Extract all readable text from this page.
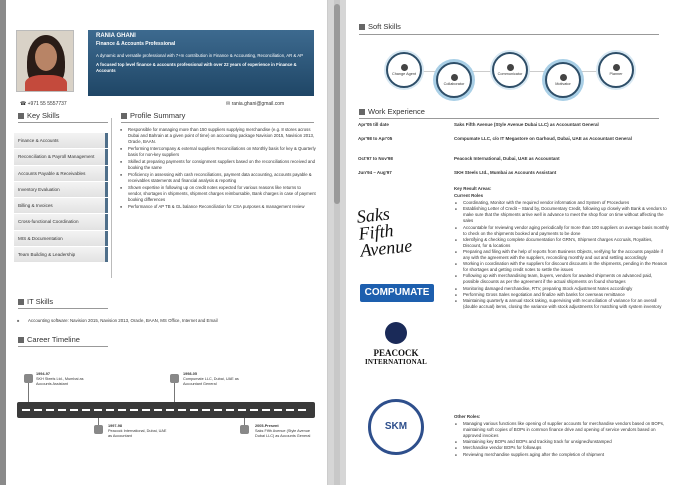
RANIA GHANI
Finance & Accounts Professional
A dynamic and versatile professional with 7+m contribution in Finance & Accounting, Reconciliation, AR & AP
A focused top level finance & accounts professional with over 22 years of experience in Finance & Accounts
☎ +971 55 5557737	✉ rania.ghani@gmail.com
Key Skills
Finance & Accounts
Reconciliation & Payroll Management
Accounts Payable & Receivables
Inventory Evaluation
Billing & Invoices
Cross-functional Coordination
MIS & Documentation
Team Building & Leadership
Profile Summary
■ Responsible for managing more than 150 suppliers supplying merchandise (e.g. 8 stores across Dubai and Bahrain at a given point of time) on accounting package Navision 2015, Navision 2013, Oracle, BAAN.
■ Performing Intercompany & external suppliers Reconciliations on Monthly basis for key & Quarterly basis for non-key suppliers
■ Skilled at preparing payments for consignment suppliers based on the reconciliations received and booking the same
■ Proficiency in assessing with cash reconciliations, payment data accounting, accounts payable & receivables statements and financial analysis & reporting
■ Shown expertise in following up on credit notes expected for various reasons like returns to vendor, shortages in shipments, shipment charges reimbursable, Bank charges in case of payment booking differences
■ Performance of AP TB & GL balance Reconciliation for CSA purposes & management review
IT Skills
■ Accounting software: Navision 2015, Navision 2013, Oracle, BAAN, MS Office, Internet and Email
Career Timeline
1994-97
SKH Steels Ltd., Mumbai as Accounts Assistant
1997-98
Peacock International, Dubai, UAE as Accountant
1998-05
Compumate LLC, Dubai, UAE as Accountant General
2005-Present
Saks Fifth Avenue (Style Avenue Dubai LLC) as Accounts General
Soft Skills
Change Agent
Collaborator
Communicator
Motivator
Planner
Work Experience
Apr'05 till date	Saks Fifth Avenue (Style Avenue Dubai LLC) as Accountant General
Apr'98 to Apr'05	Compumate LLC, c/o IT Megastore on Garhoud, Dubai, UAE as Accountant General
Oct'97 to Nov'98	Peacock International, Dubai, UAE as Accountant
Jun'94 – Aug'97	SKH Steels Ltd., Mumbai as Accounts Assistant
Key Result Areas:
Current Roles
■ Coordinating, Monitor with the required vendor information and System of Procedures
■ Establishing Letter of Credit – Stand by, Documentary Credit, following up closely with Bank & vendors to make sure that the shipments arrive well in advance to meet the shop floor on time without affecting the sales
■ Accountable for reviewing vendor aging periodically for more than 100 suppliers on average basis monthly to check on the shipments booked and payments to be done
■ Identifying & checking complete documentation for GRN's, Shipment charges Accruals, Royalties, Discount, for & locations
■ Preparing and filing with the help of reports from Business Objects, verifying for the accounts payable if any with the agreement with the suppliers, reconciling monthly and out and settling accordingly
■ Working in coordination with the suppliers for discount discounts in the shipments, pending in the Reason for shortages and getting credit notes to settle the issues
■ Following up with merchandising team, buyers, vendors for awaited shipments on advanced paid, possible discounts as per the agreement if the actual shipments on found shortages
■ Monitoring damaged merchandise, RTV, preparing Stock Adjustment Notes accordingly
■ Performing Gross Sales negotiation and finalize with banks for overseas remittance
■ Maintaining quarterly & annual stock taking, supervising with reconciliation of variance for an overall (double accrual) items, closing the variance with stock adjustments for matching with system inventory
Other Roles:
■ Managing various functions like opening of supplier accounts for merchandise vendors based on BOPs, maintaining soft copies of BOPs in common finance drive and opening of service vendors based on approved invoices
■ Maintaining key BOPs and BOPs and tracking track for unsigned/unstamped
■ Merchandise vendor BOPs for followups
■ Reviewing merchandise suppliers aging after the completion of shipment
Saks Fifth Avenue
COMPUMATE
PEACOCK
INTERNATIONAL
SKM
